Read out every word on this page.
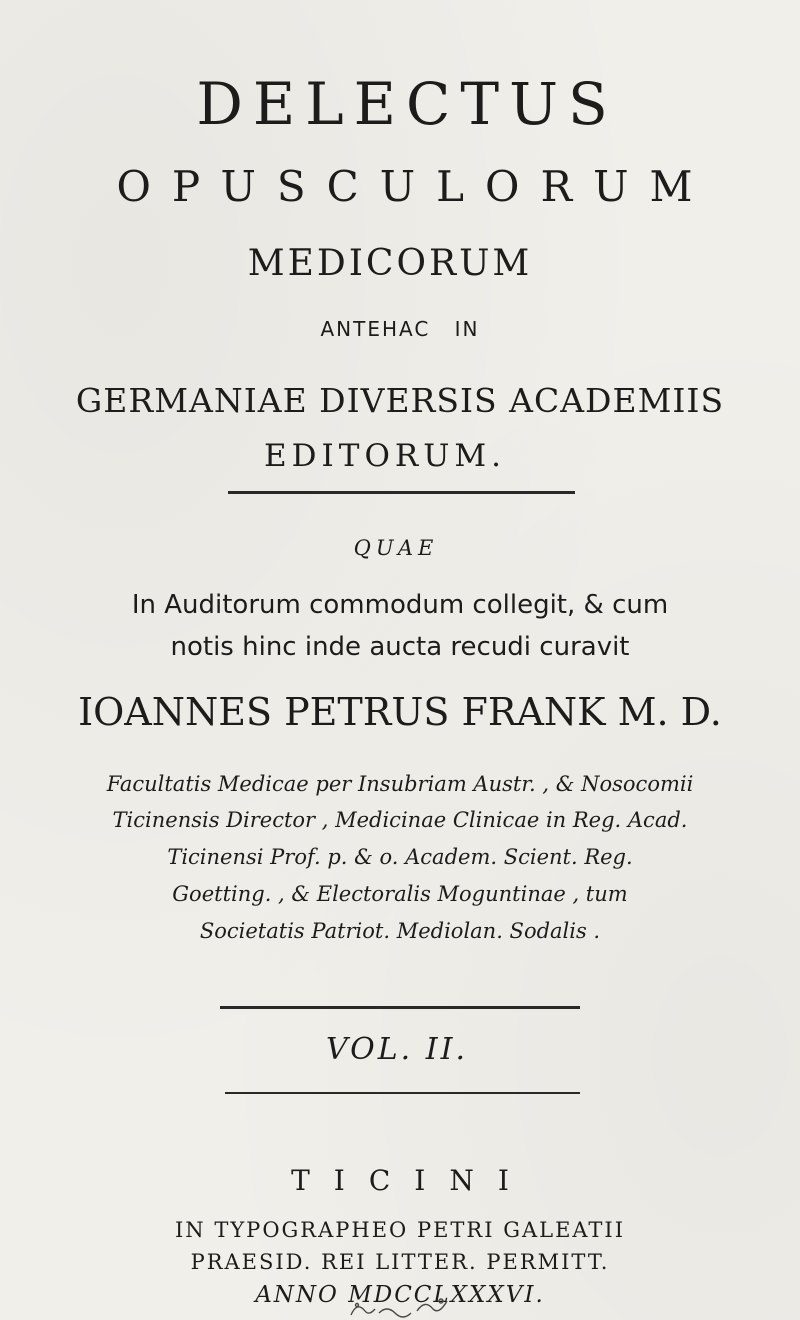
DELECTUS
OPUSCULORUM
MEDICORUM
ANTEHAC IN
GERMANIAE DIVERSIS ACADEMIIS
EDITORUM.
QUAE
In Auditorum commodum collegit, & cum
notis hinc inde aucta recudi curavit
IOANNES PETRUS FRANK M. D.
Facultatis Medicae per Insubriam Austr. , & Nosocomii
Ticinensis Director , Medicinae Clinicae in Reg. Acad.
Ticinensi Prof. p. & o. Academ. Scient. Reg.
Goetting. , & Electoralis Moguntinae , tum
Societatis Patriot. Mediolan. Sodalis .
VOL. II.
TICINI
IN TYPOGRAPHEO PETRI GALEATII
PRAESID. REI LITTER. PERMITT.
ANNO MDCCLXXXVI.
